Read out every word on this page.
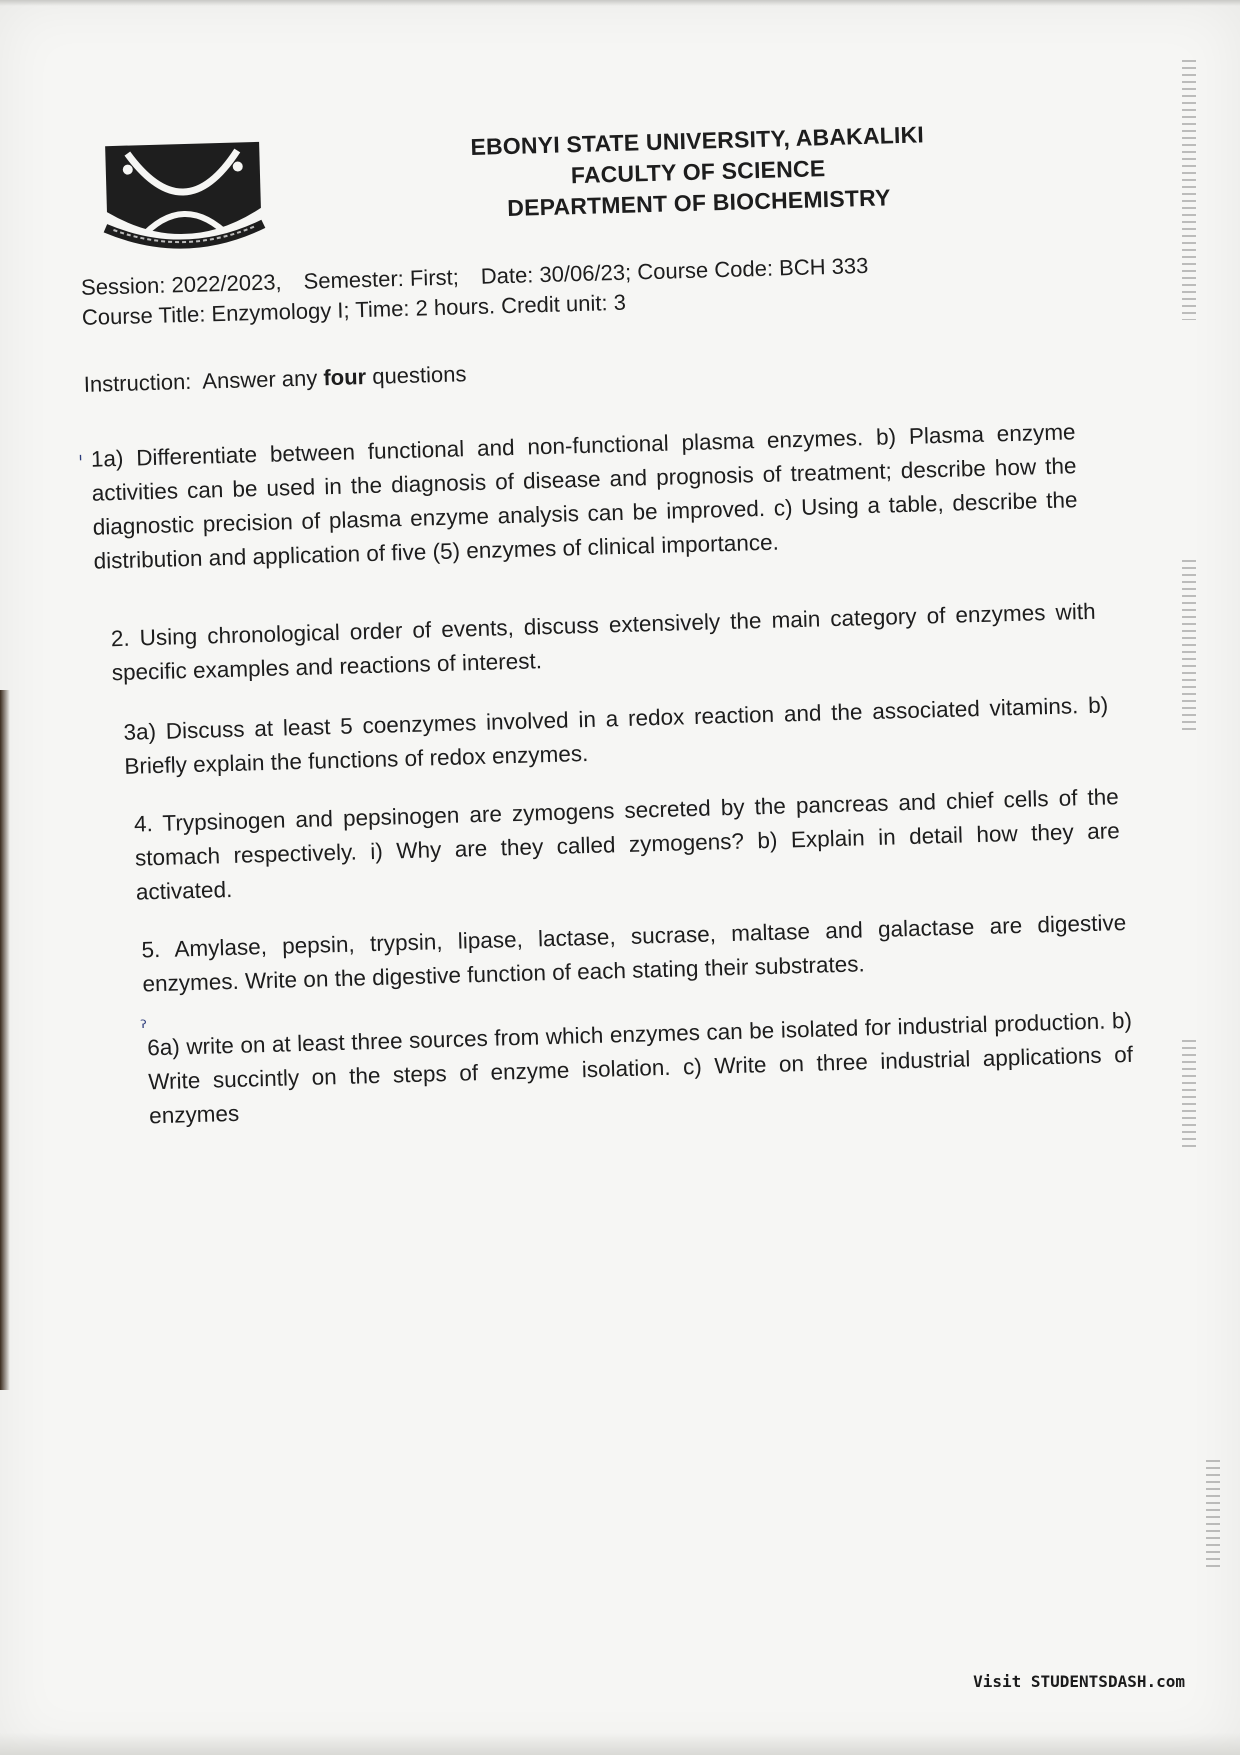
EBONYI STATE UNIVERSITY, ABAKALIKI
FACULTY OF SCIENCE
DEPARTMENT OF BIOCHEMISTRY
Session: 2022/2023, Semester: First; Date: 30/06/23; Course Code: BCH 333
Course Title: Enzymology I; Time: 2 hours. Credit unit: 3
Instruction: Answer any four questions
1a) Differentiate between functional and non-functional plasma enzymes. b) Plasma enzyme activities can be used in the diagnosis of disease and prognosis of treatment; describe how the diagnostic precision of plasma enzyme analysis can be improved. c) Using a table, describe the distribution and application of five (5) enzymes of clinical importance.
2. Using chronological order of events, discuss extensively the main category of enzymes with specific examples and reactions of interest.
3a) Discuss at least 5 coenzymes involved in a redox reaction and the associated vitamins. b) Briefly explain the functions of redox enzymes.
4. Trypsinogen and pepsinogen are zymogens secreted by the pancreas and chief cells of the stomach respectively. i) Why are they called zymogens? b) Explain in detail how they are activated.
5. Amylase, pepsin, trypsin, lipase, lactase, sucrase, maltase and galactase are digestive enzymes. Write on the digestive function of each stating their substrates.
6a) write on at least three sources from which enzymes can be isolated for industrial production. b) Write succintly on the steps of enzyme isolation. c) Write on three industrial applications of enzymes
ˈ
ˀ
Visit STUDENTSDASH.com
